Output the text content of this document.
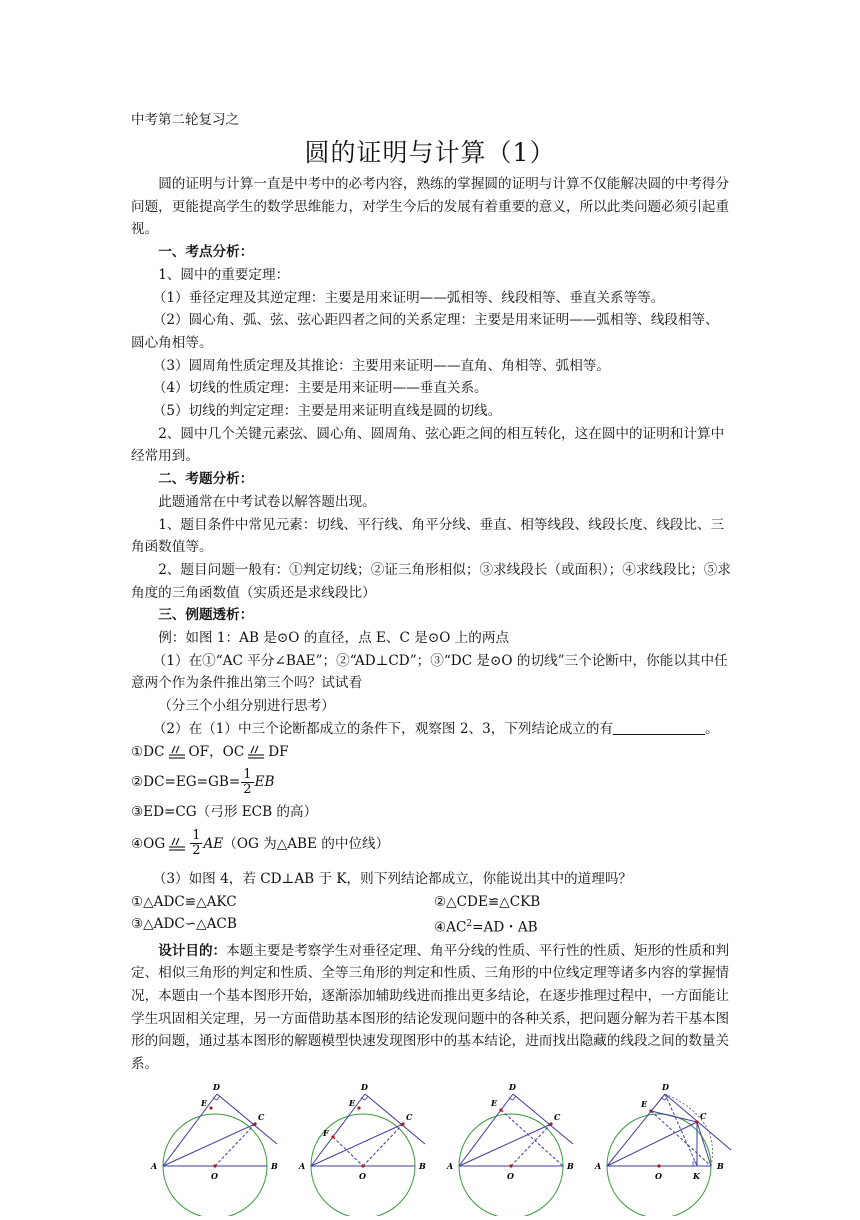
中考第二轮复习之
圆的证明与计算（1）

圆的证明与计算一直是中考中的必考内容，熟练的掌握圆的证明与计算不仅能解决圆的中考得分问题，更能提高学生的数学思维能力，对学生今后的发展有着重要的意义，所以此类问题必须引起重视。

一、考点分析：

1、圆中的重要定理：

（1）垂径定理及其逆定理：主要是用来证明——弧相等、线段相等、垂直关系等等。

（2）圆心角、弧、弦、弦心距四者之间的关系定理：主要是用来证明——弧相等、线段相等、圆心角相等。

（3）圆周角性质定理及其推论：主要用来证明——直角、角相等、弧相等。

（4）切线的性质定理：主要是用来证明——垂直关系。

（5）切线的判定定理：主要是用来证明直线是圆的切线。

2、圆中几个关键元素弦、圆心角、圆周角、弦心距之间的相互转化，这在圆中的证明和计算中经常用到。

二、考题分析：

此题通常在中考试卷以解答题出现。

1、题目条件中常见元素：切线、平行线、角平分线、垂直、相等线段、线段长度、线段比、三角函数值等。

2、题目问题一般有：①判定切线；②证三角形相似；③求线段长（或面积）；④求线段比；⑤求角度的三角函数值（实质还是求线段比）

三、例题透析：

例：如图 1：AB 是⊙O 的直径，点 E、C 是⊙O 上的两点

（1）在①“AC 平分∠BAE”；②“AD⊥CD”；③“DC 是⊙O 的切线”三个论断中，你能以其中任意两个作为条件推出第三个吗？试试看

（分三个小组分别进行思考）

（2）在（1）中三个论断都成立的条件下，观察图 2、3，下列结论成立的有	。

①DC OF，OC DF
②DC=EG=GB= $\frac{1}{2}$ EB
③ED=CG（弓形 ECB 的高）
④OG $\frac{1}{2}$ AE （OG 为△ABE 的中位线）

（3）如图 4，若 CD⊥AB 于 K，则下列结论都成立，你能说出其中的道理吗？

①△ADC≌△AKC	②△CDE≌△CKB
③△ADC∽△ACB	$④AC^2=AD$・AB

设计目的：本题主要是考察学生对垂径定理、角平分线的性质、平行性的性质、矩形的性质和判定、相似三角形的判定和性质、全等三角形的判定和性质、三角形的中位线定理等诸多内容的掌握情况，本题由一个基本图形开始，逐渐添加辅助线进而推出更多结论，在逐步推理过程中，一方面能让学生巩固相关定理，另一方面借助基本图形的结论发现问题中的各种关系，把问题分解为若干基本图形的问题，通过基本图形的解题模型快速发现图形中的基本结论，进而找出隐藏的线段之间的数量关系。

D
E
C
A	B
O
D
E
C
F
A	B
O
D
E
C
A	B
O
D
E
C
A	B
O	K
